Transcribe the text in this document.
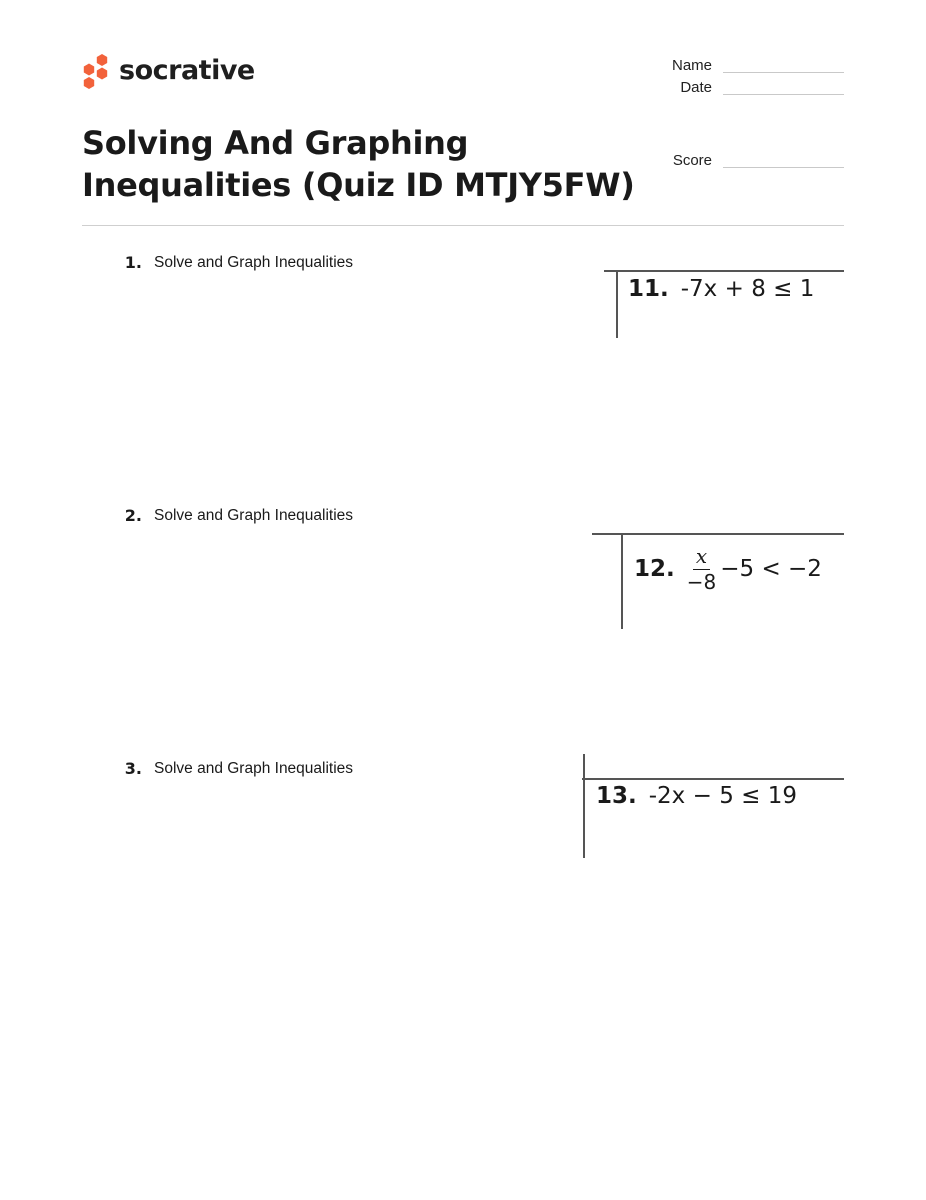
socrative	Name
Date
Score
Solving And Graphing Inequalities (Quiz ID MTJY5FW)
1. Solve and Graph Inequalities
11. -7x + 8 ≤ 1
2. Solve and Graph Inequalities
12. $\frac{x}{-8} -5 < -2$
3. Solve and Graph Inequalities
13. -2x − 5 ≤ 19
